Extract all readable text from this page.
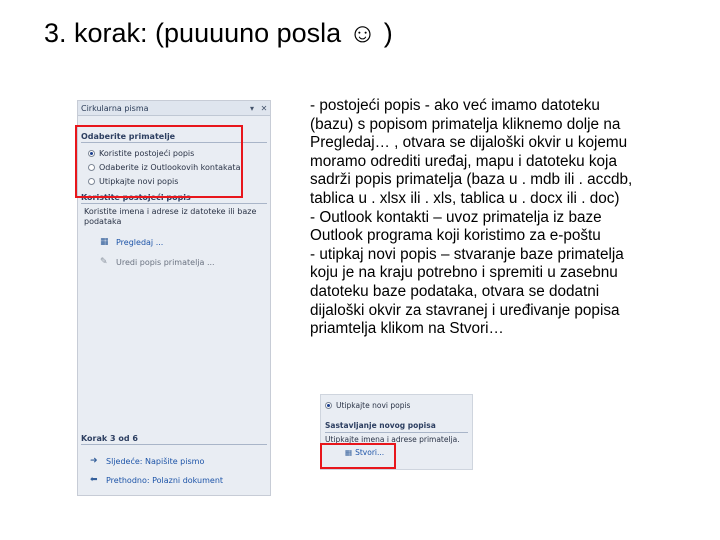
3. korak: (puuuuno posla ☺ )
Cirkularna pisma	▾ ✕
Odaberite primatelje
Koristite postojeći popis
Odaberite iz Outlookovih kontakata
Utipkajte novi popis
Koristite postojeći popis
Koristite imena i adrese iz datoteke ili baze podataka
▦ Pregledaj ...
✎	Uredi popis primatelja ...
Korak 3 od 6
➜	Sljedeće: Napišite pismo
⬅	Prethodno: Polazni dokument
- postojeći popis - ako već imamo datoteku
(bazu) s popisom primatelja kliknemo dolje na
Pregledaj… , otvara se dijaloški okvir u kojemu
moramo odrediti uređaj, mapu i datoteku koja
sadrži popis primatelja (baza u . mdb ili . accdb,
tablica u . xlsx ili . xls, tablica u . docx ili . doc)
- Outlook kontakti – uvoz primatelja iz baze
Outlook programa koji koristimo za e-poštu
- utipkaj novi popis – stvaranje baze primatelja
koju je na kraju potrebno i spremiti u zasebnu
datoteku baze podataka, otvara se dodatni
dijaloški okvir za stavranej i uređivanje popisa
priamtelja klikom na Stvori…
Utipkajte novi popis
Sastavljanje novog popisa
Utipkajte imena i adrese primatelja.
▦ Stvori...
